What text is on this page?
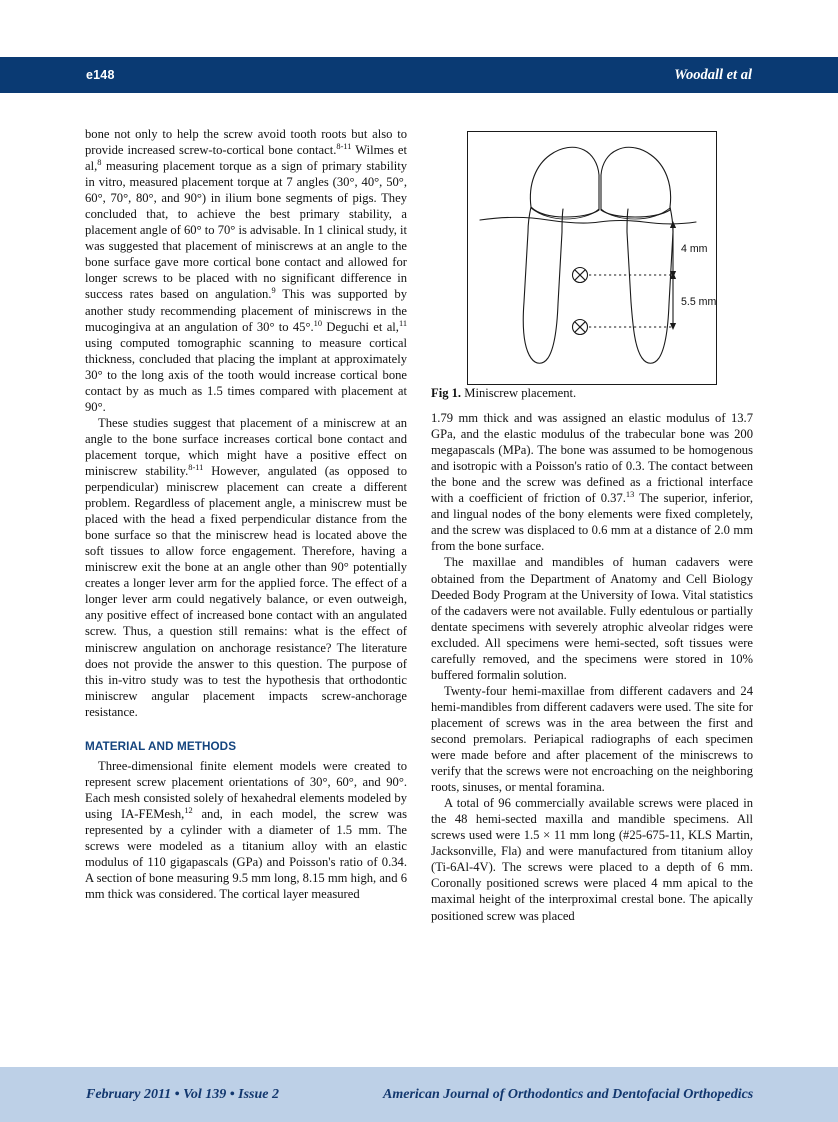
e148	Woodall et al

bone not only to help the screw avoid tooth roots but also to provide increased screw-to-cortical bone contact.$^{8-11}$ Wilmes et al,$^8$ measuring placement torque as a sign of primary stability in vitro, measured placement torque at 7 angles (30°, 40°, 50°, 60°, 70°, 80°, and 90°) in ilium bone segments of pigs. They concluded that, to achieve the best primary stability, a placement angle of 60° to 70° is advisable. In 1 clinical study, it was suggested that placement of miniscrews at an angle to the bone surface gave more cortical bone contact and allowed for longer screws to be placed with no significant difference in success rates based on angulation.$^9$ This was supported by another study recommending placement of miniscrews in the mucogingiva at an angulation of 30° to 45°.$^{10}$ Deguchi et al,$^{11}$ using computed tomographic scanning to measure cortical thickness, concluded that placing the implant at approximately 30° to the long axis of the tooth would increase cortical bone contact by as much as 1.5 times compared with placement at 90°.

These studies suggest that placement of a miniscrew at an angle to the bone surface increases cortical bone contact and placement torque, which might have a positive effect on miniscrew stability.$^{8-11}$ However, angulated (as opposed to perpendicular) miniscrew placement can create a different problem. Regardless of placement angle, a miniscrew must be placed with the head a fixed perpendicular distance from the bone surface so that the miniscrew head is located above the soft tissues to allow force engagement. Therefore, having a miniscrew exit the bone at an angle other than 90° potentially creates a longer lever arm for the applied force. The effect of a longer lever arm could negatively balance, or even outweigh, any positive effect of increased bone contact with an angulated screw. Thus, a question still remains: what is the effect of miniscrew angulation on anchorage resistance? The literature does not provide the answer to this question. The purpose of this in-vitro study was to test the hypothesis that orthodontic miniscrew angular placement impacts screw-anchorage resistance.

MATERIAL AND METHODS

Three-dimensional finite element models were created to represent screw placement orientations of 30°, 60°, and 90°. Each mesh consisted solely of hexahedral elements modeled by using IA-FEMesh,$^{12}$ and, in each model, the screw was represented by a cylinder with a diameter of 1.5 mm. The screws were modeled as a titanium alloy with an elastic modulus of 110 gigapascals (GPa) and Poisson's ratio of 0.34. A section of bone measuring 9.5 mm long, 8.15 mm high, and 6 mm thick was considered. The cortical layer measured

4 mm
5.5 mm

Fig 1. Miniscrew placement.

1.79 mm thick and was assigned an elastic modulus of 13.7 GPa, and the elastic modulus of the trabecular bone was 200 megapascals (MPa). The bone was assumed to be homogenous and isotropic with a Poisson's ratio of 0.3. The contact between the bone and the screw was defined as a frictional interface with a coefficient of friction of 0.37.13 The superior, inferior, and lingual nodes of the bony elements were fixed completely, and the screw was displaced to 0.6 mm at a distance of 2.0 mm from the bone surface.

The maxillae and mandibles of human cadavers were obtained from the Department of Anatomy and Cell Biology Deeded Body Program at the University of Iowa. Vital statistics of the cadavers were not available. Fully edentulous or partially dentate specimens with severely atrophic alveolar ridges were excluded. All specimens were hemi-sected, soft tissues were carefully removed, and the specimens were stored in 10% buffered formalin solution.

Twenty-four hemi-maxillae from different cadavers and 24 hemi-mandibles from different cadavers were used. The site for placement of screws was in the area between the first and second premolars. Periapical radiographs of each specimen were made before and after placement of the miniscrews to verify that the screws were not encroaching on the neighboring roots, sinuses, or mental foramina.

A total of 96 commercially available screws were placed in the 48 hemi-sected maxilla and mandible specimens. All screws used were 1.5 × 11 mm long (#25-675-11, KLS Martin, Jacksonville, Fla) and were manufactured from titanium alloy (Ti-6Al-4V). The screws were placed to a depth of 6 mm. Coronally positioned screws were placed 4 mm apical to the maximal height of the interproximal crestal bone. The apically positioned screw was placed

February 2011 • Vol 139 • Issue 2	American Journal of Orthodontics and Dentofacial Orthopedics
